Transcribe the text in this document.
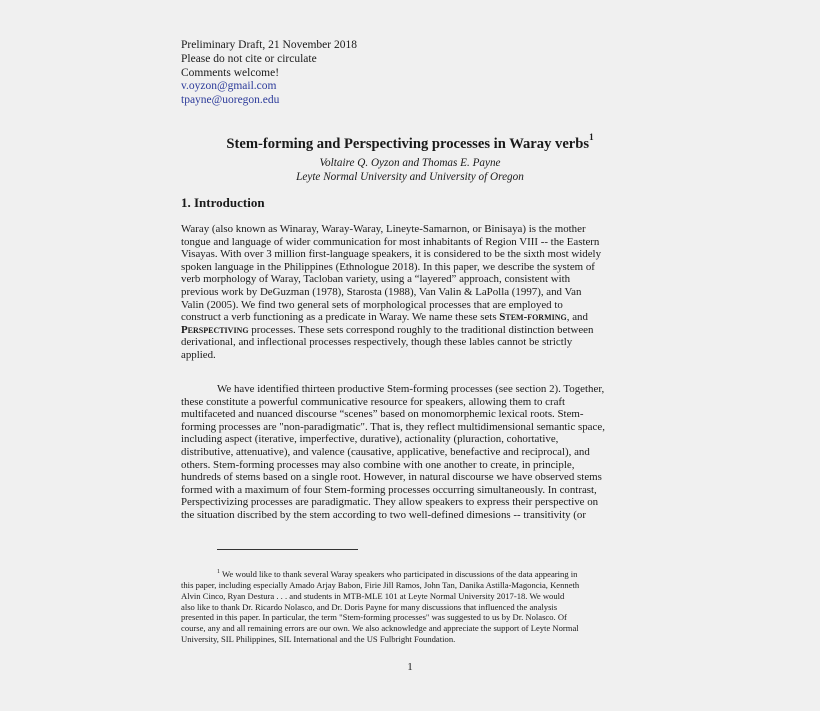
Preliminary Draft, 21 November 2018
Please do not cite or circulate
Comments welcome!
v.oyzon@gmail.com
tpayne@uoregon.edu
Stem-forming and Perspectiving processes in Waray verbs$^1$
Voltaire Q. Oyzon and Thomas E. Payne
Leyte Normal University and University of Oregon
1. Introduction
Waray (also known as Winaray, Waray-Waray, Lineyte-Samarnon, or Binisaya) is the mother
tongue and language of wider communication for most inhabitants of Region VIII -- the Eastern
Visayas. With over 3 million first-language speakers, it is considered to be the sixth most widely
spoken language in the Philippines (Ethnologue 2018). In this paper, we describe the system of
verb morphology of Waray, Tacloban variety, using a “layered” approach, consistent with
previous work by DeGuzman (1978), Starosta (1988), Van Valin & LaPolla (1997), and Van
Valin (2005). We find two general sets of morphological processes that are employed to
construct a verb functioning as a predicate in Waray. We name these sets Stem-forming, and
Perspectiving processes. These sets correspond roughly to the traditional distinction between
derivational, and inflectional processes respectively, though these lables cannot be strictly
applied.
We have identified thirteen productive Stem-forming processes (see section 2). Together,
these constitute a powerful communicative resource for speakers, allowing them to craft
multifaceted and nuanced discourse “scenes” based on monomorphemic lexical roots. Stem-
forming processes are "non-paradigmatic". That is, they reflect multidimensional semantic space,
including aspect (iterative, imperfective, durative), actionality (pluraction, cohortative,
distributive, attenuative), and valence (causative, applicative, benefactive and reciprocal), and
others. Stem-forming processes may also combine with one another to create, in principle,
hundreds of stems based on a single root. However, in natural discourse we have observed stems
formed with a maximum of four Stem-forming processes occurring simultaneously. In contrast,
Perspectivizing processes are paradigmatic. They allow speakers to express their perspective on
the situation discribed by the stem according to two well-defined dimesions -- transitivity (or
$^1$ We would like to thank several Waray speakers who participated in discussions of the data appearing in
this paper, including especially Amado Arjay Babon, Firie Jill Ramos, John Tan, Danika Astilla-Magoncia, Kenneth
Alvin Cinco, Ryan Destura . . . and students in MTB-MLE 101 at Leyte Normal University 2017-18. We would
also like to thank Dr. Ricardo Nolasco, and Dr. Doris Payne for many discussions that influenced the analysis
presented in this paper. In particular, the term "Stem-forming processes" was suggested to us by Dr. Nolasco. Of
course, any and all remaining errors are our own. We also acknowledge and appreciate the support of Leyte Normal
University, SIL Philippines, SIL International and the US Fulbright Foundation.
1
